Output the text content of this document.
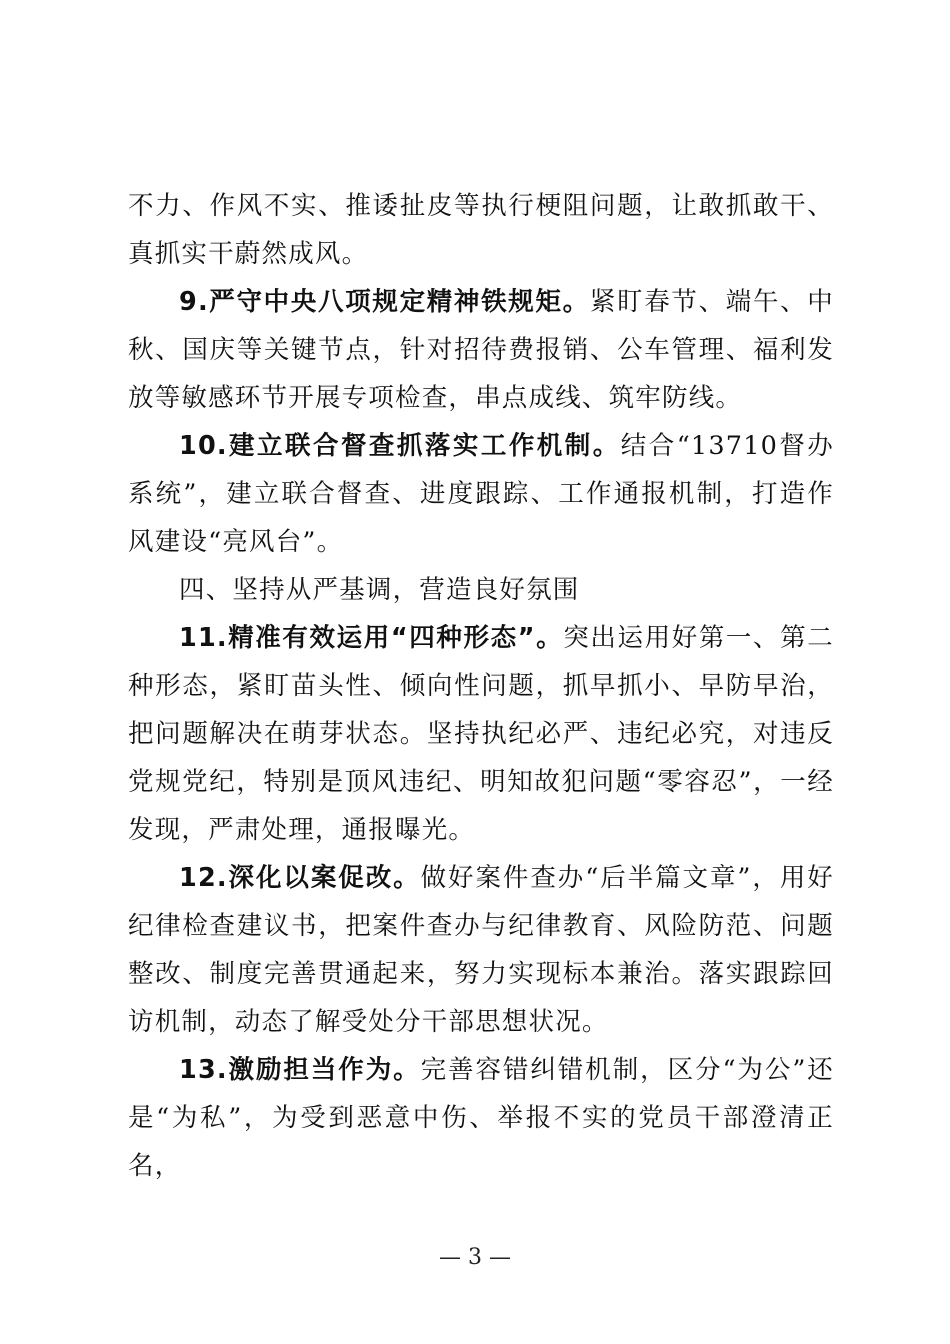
不力、作风不实、推诿扯皮等执行梗阻问题，让敢抓敢干、真抓实干蔚然成风。

9.严守中央八项规定精神铁规矩。紧盯春节、端午、中秋、国庆等关键节点，针对招待费报销、公车管理、福利发放等敏感环节开展专项检查，串点成线、筑牢防线。

10.建立联合督查抓落实工作机制。结合“13710督办系统”，建立联合督查、进度跟踪、工作通报机制，打造作风建设“亮风台”。

四、坚持从严基调，营造良好氛围

11.精准有效运用“四种形态”。突出运用好第一、第二种形态，紧盯苗头性、倾向性问题，抓早抓小、早防早治，把问题解决在萌芽状态。坚持执纪必严、违纪必究，对违反党规党纪，特别是顶风违纪、明知故犯问题“零容忍”，一经发现，严肃处理，通报曝光。

12.深化以案促改。做好案件查办“后半篇文章”，用好纪律检查建议书，把案件查办与纪律教育、风险防范、问题整改、制度完善贯通起来，努力实现标本兼治。落实跟踪回访机制，动态了解受处分干部思想状况。

13.激励担当作为。完善容错纠错机制，区分“为公”还是“为私”，为受到恶意中伤、举报不实的党员干部澄清正名，

— 3 —
